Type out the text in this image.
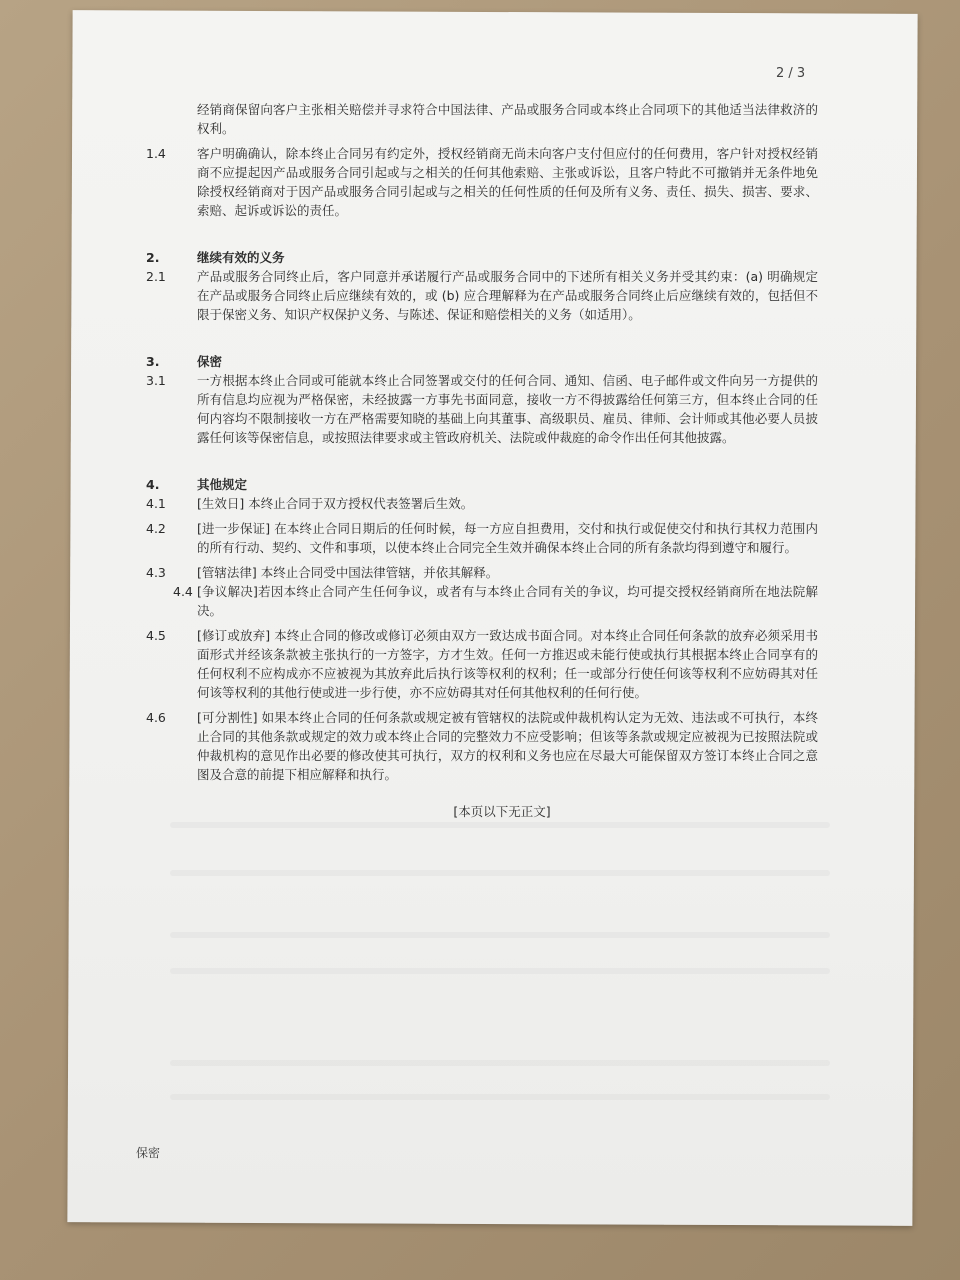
2 / 3
经销商保留向客户主张相关赔偿并寻求符合中国法律、产品或服务合同或本终止合同项下的其他适当法律救济的权利。
1.4	客户明确确认，除本终止合同另有约定外，授权经销商无尚未向客户支付但应付的任何费用，客户针对授权经销商不应提起因产品或服务合同引起或与之相关的任何其他索赔、主张或诉讼，且客户特此不可撤销并无条件地免除授权经销商对于因产品或服务合同引起或与之相关的任何性质的任何及所有义务、责任、损失、损害、要求、索赔、起诉或诉讼的责任。
2.	继续有效的义务
2.1	产品或服务合同终止后，客户同意并承诺履行产品或服务合同中的下述所有相关义务并受其约束：(a) 明确规定在产品或服务合同终止后应继续有效的，或 (b) 应合理解释为在产品或服务合同终止后应继续有效的，包括但不限于保密义务、知识产权保护义务、与陈述、保证和赔偿相关的义务（如适用）。
3.	保密
3.1	一方根据本终止合同或可能就本终止合同签署或交付的任何合同、通知、信函、电子邮件或文件向另一方提供的所有信息均应视为严格保密，未经披露一方事先书面同意，接收一方不得披露给任何第三方，但本终止合同的任何内容均不限制接收一方在严格需要知晓的基础上向其董事、高级职员、雇员、律师、会计师或其他必要人员披露任何该等保密信息，或按照法律要求或主管政府机关、法院或仲裁庭的命令作出任何其他披露。
4.	其他规定
4.1	[生效日] 本终止合同于双方授权代表签署后生效。
4.2	[进一步保证] 在本终止合同日期后的任何时候，每一方应自担费用，交付和执行或促使交付和执行其权力范围内的所有行动、契约、文件和事项，以使本终止合同完全生效并确保本终止合同的所有条款均得到遵守和履行。
4.3	[管辖法律] 本终止合同受中国法律管辖，并依其解释。
4.4 [争议解决]若因本终止合同产生任何争议，或者有与本终止合同有关的争议，均可提交授权经销商所在地法院解决。
4.5	[修订或放弃] 本终止合同的修改或修订必须由双方一致达成书面合同。对本终止合同任何条款的放弃必须采用书面形式并经该条款被主张执行的一方签字，方才生效。任何一方推迟或未能行使或执行其根据本终止合同享有的任何权利不应构成亦不应被视为其放弃此后执行该等权利的权利；任一或部分行使任何该等权利不应妨碍其对任何该等权利的其他行使或进一步行使，亦不应妨碍其对任何其他权利的任何行使。
4.6	[可分割性] 如果本终止合同的任何条款或规定被有管辖权的法院或仲裁机构认定为无效、违法或不可执行，本终止合同的其他条款或规定的效力或本终止合同的完整效力不应受影响；但该等条款或规定应被视为已按照法院或仲裁机构的意见作出必要的修改使其可执行，双方的权利和义务也应在尽最大可能保留双方签订本终止合同之意图及合意的前提下相应解释和执行。
[本页以下无正文]
保密
